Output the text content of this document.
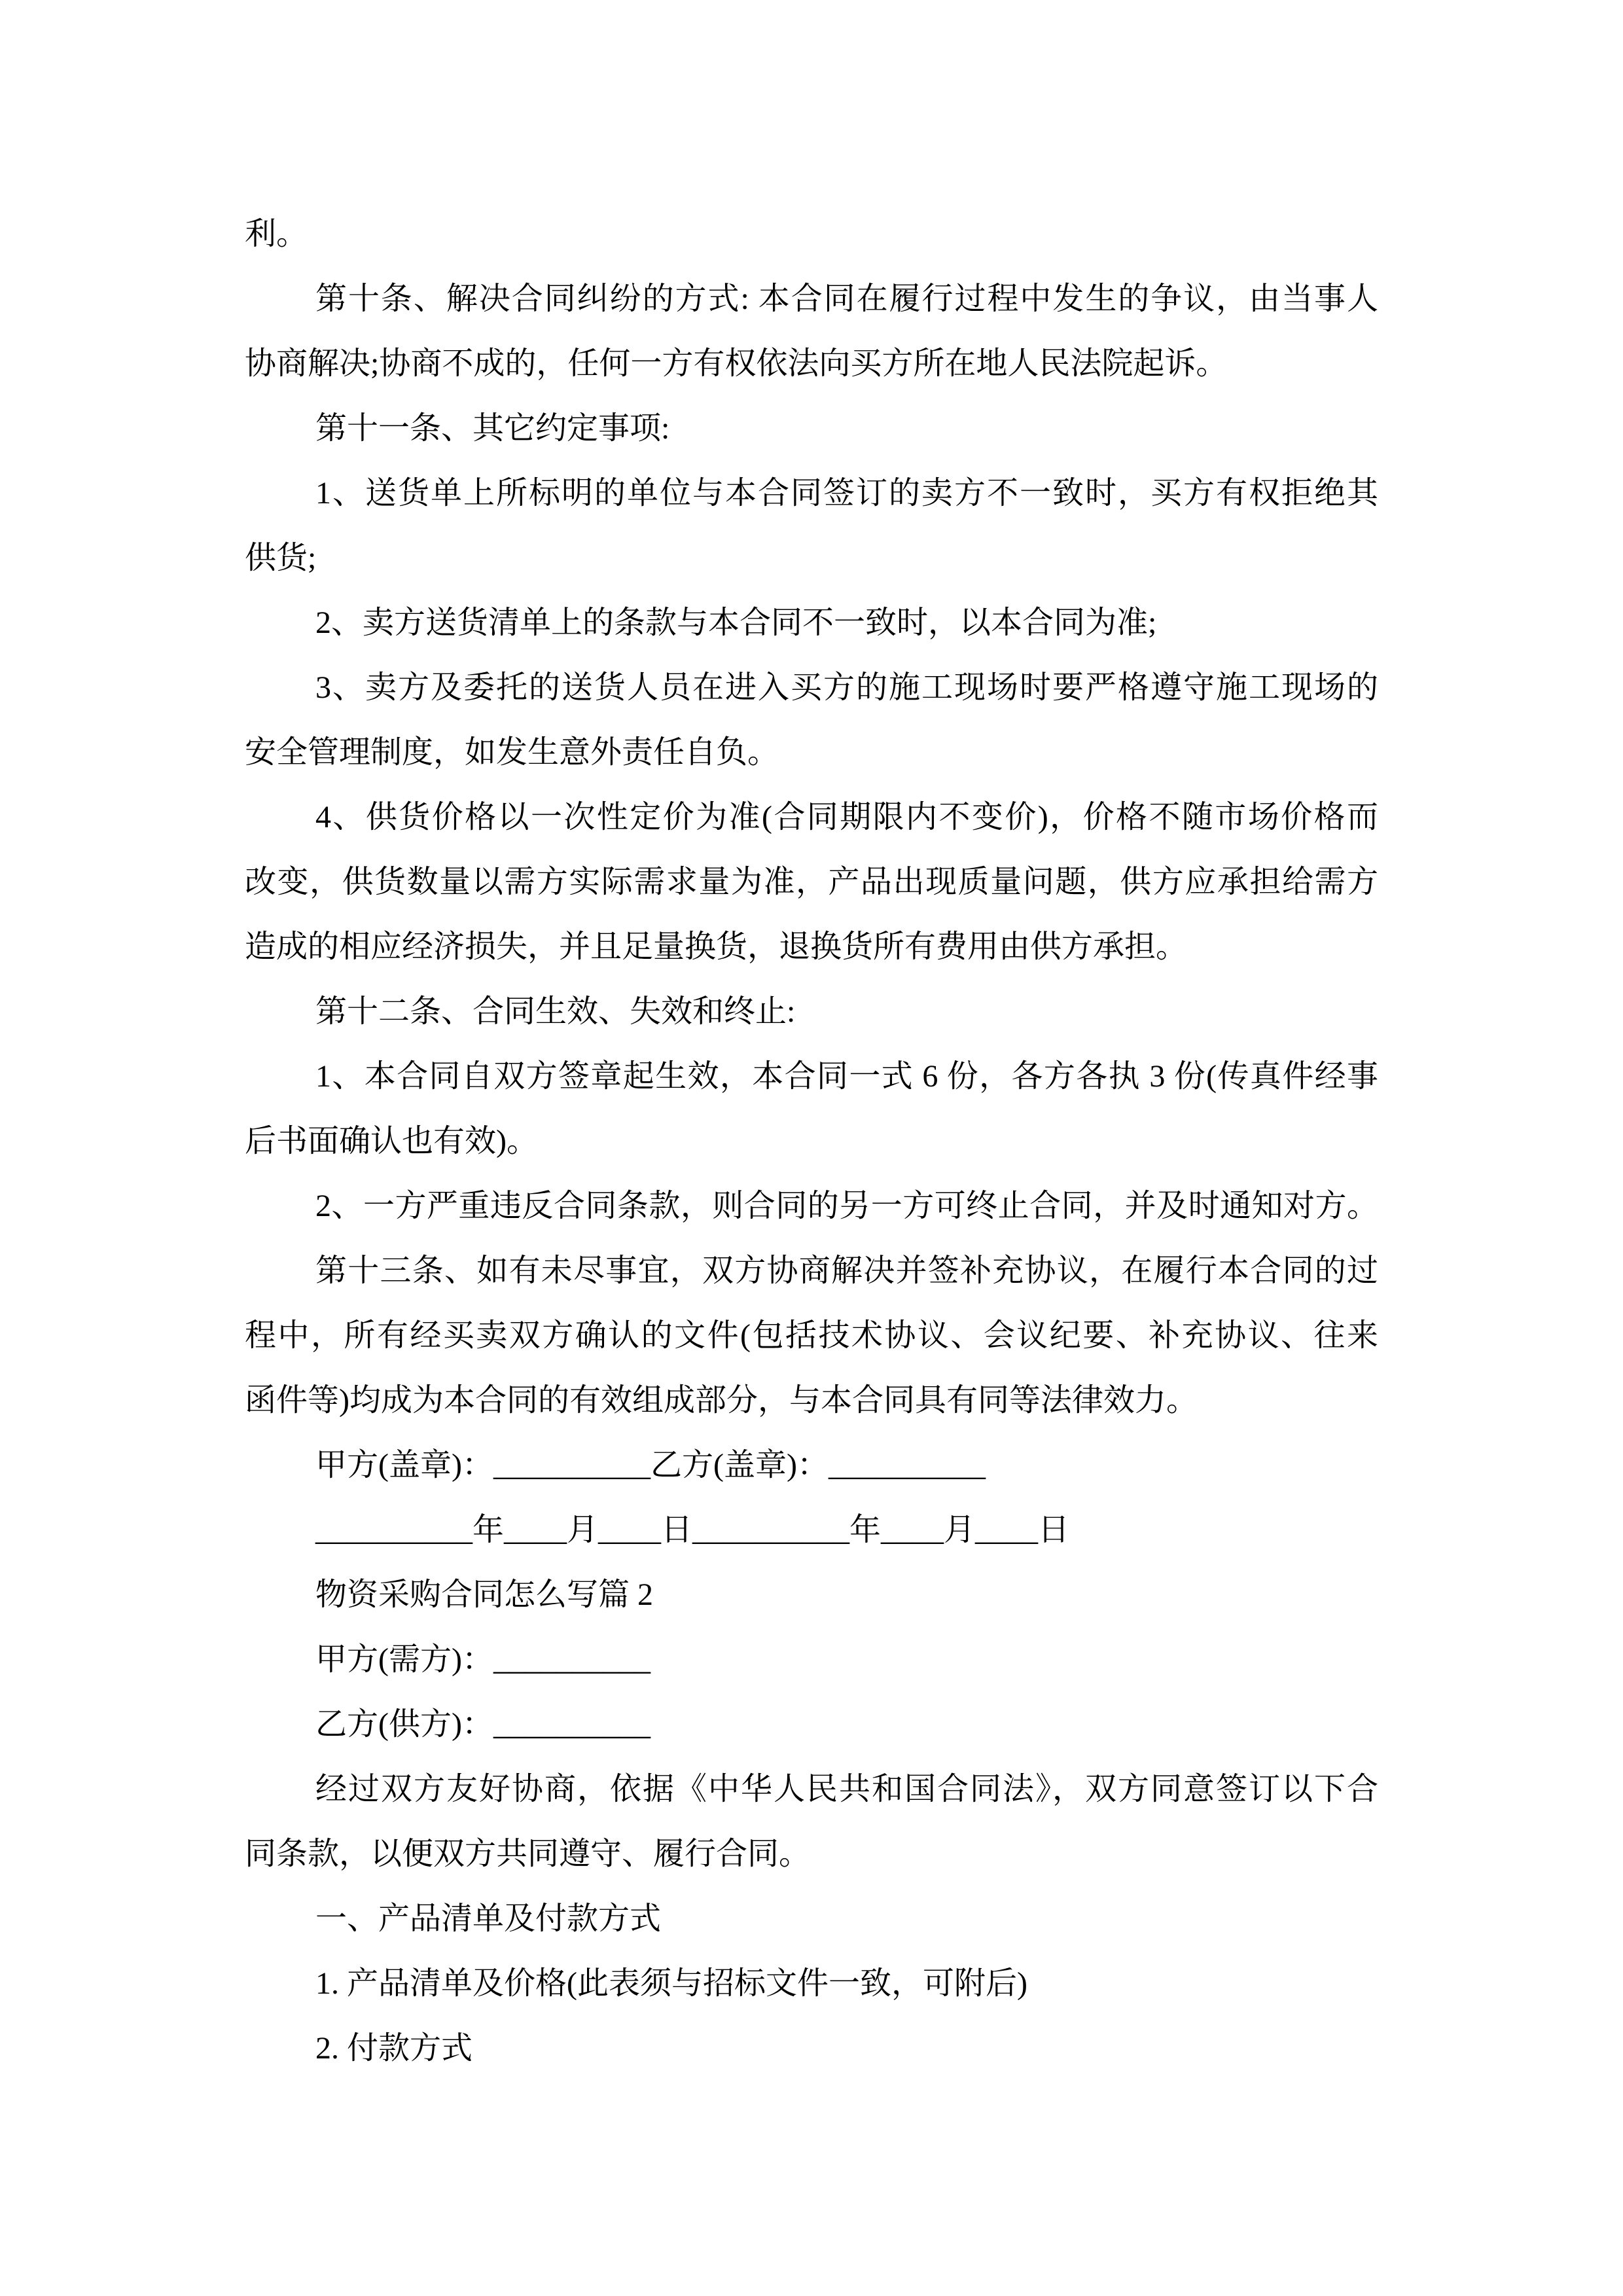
利。
第十条、解决合同纠纷的方式: 本合同在履行过程中发生的争议，由当事人
协商解决;协商不成的，任何一方有权依法向买方所在地人民法院起诉。
第十一条、其它约定事项:
1、送货单上所标明的单位与本合同签订的卖方不一致时，买方有权拒绝其
供货;
2、卖方送货清单上的条款与本合同不一致时，以本合同为准;
3、卖方及委托的送货人员在进入买方的施工现场时要严格遵守施工现场的
安全管理制度，如发生意外责任自负。
4、供货价格以一次性定价为准(合同期限内不变价)，价格不随市场价格而
改变，供货数量以需方实际需求量为准，产品出现质量问题，供方应承担给需方
造成的相应经济损失，并且足量换货，退换货所有费用由供方承担。
第十二条、合同生效、失效和终止:
1、本合同自双方签章起生效，本合同一式 6 份，各方各执 3 份(传真件经事
后书面确认也有效)。
2、一方严重违反合同条款，则合同的另一方可终止合同，并及时通知对方。
第十三条、如有未尽事宜，双方协商解决并签补充协议，在履行本合同的过
程中，所有经买卖双方确认的文件(包括技术协议、会议纪要、补充协议、往来
函件等)均成为本合同的有效组成部分，与本合同具有同等法律效力。
甲方(盖章)：__________乙方(盖章)：__________
__________年____月____日__________年____月____日
物资采购合同怎么写篇 2
甲方(需方)：__________
乙方(供方)：__________
经过双方友好协商，依据《中华人民共和国合同法》，双方同意签订以下合
同条款，以便双方共同遵守、履行合同。
一、产品清单及付款方式
1. 产品清单及价格(此表须与招标文件一致，可附后)
2. 付款方式
